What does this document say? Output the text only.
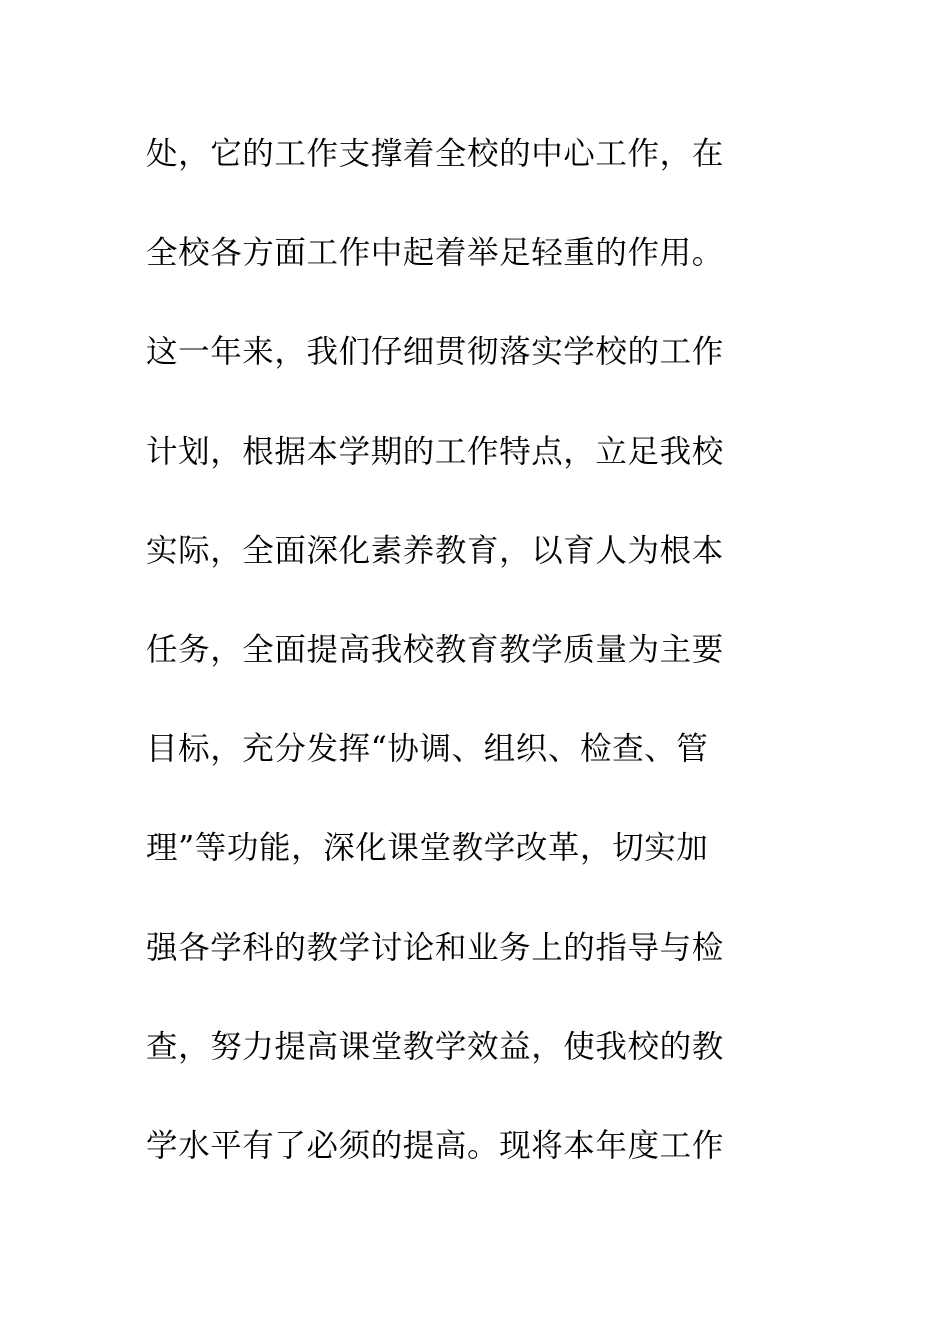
处，它的工作支撑着全校的中心工作，在
全校各方面工作中起着举足轻重的作用。
这一年来，我们仔细贯彻落实学校的工作
计划，根据本学期的工作特点，立足我校
实际，全面深化素养教育，以育人为根本
任务，全面提高我校教育教学质量为主要
目标，充分发挥“协调、组织、检查、管
理”等功能，深化课堂教学改革，切实加
强各学科的教学讨论和业务上的指导与检
查，努力提高课堂教学效益，使我校的教
学水平有了必须的提高。现将本年度工作
